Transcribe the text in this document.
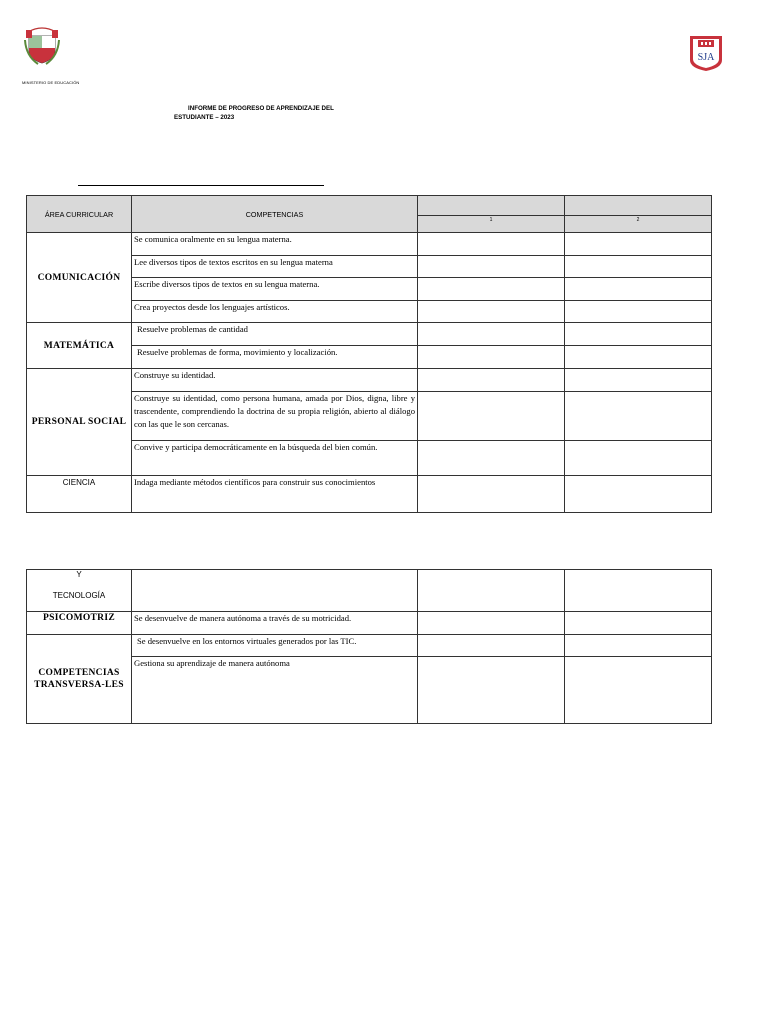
MINISTERIO DE EDUCACIÓN
SJA
INFORME DE PROGRESO DE APRENDIZAJE DEL
ESTUDIANTE – 2023
ÁREA CURRICULAR	COMPETENCIAS		
		1	2
COMUNICACIÓN	Se comunica oralmente en su lengua materna.		
	Lee diversos tipos de textos escritos en su lengua materna		
	Escribe diversos tipos de textos en su lengua materna.		
	Crea proyectos desde los lenguajes artísticos.		
MATEMÁTICA	Resuelve problemas de cantidad		
	Resuelve problemas de forma, movimiento y localización.		
PERSONAL SOCIAL	Construye su identidad.		
	Construye su identidad, como persona humana, amada por Dios, digna, libre y trascendente, comprendiendo la doctrina de su propia religión, abierto al diálogo con las que le son cercanas.		
	Convive y participa democráticamente en la búsqueda del bien común.		
CIENCIA	Indaga mediante métodos científicos para construir sus conocimientos		
Y
TECNOLOGÍA			

PSICOMOTRIZ	Se desenvuelve de manera autónoma a través de su motricidad.		
COMPETENCIAS TRANSVERSA-LES	Se desenvuelve en los entornos virtuales generados por las TIC.		
	Gestiona su aprendizaje de manera autónoma		
